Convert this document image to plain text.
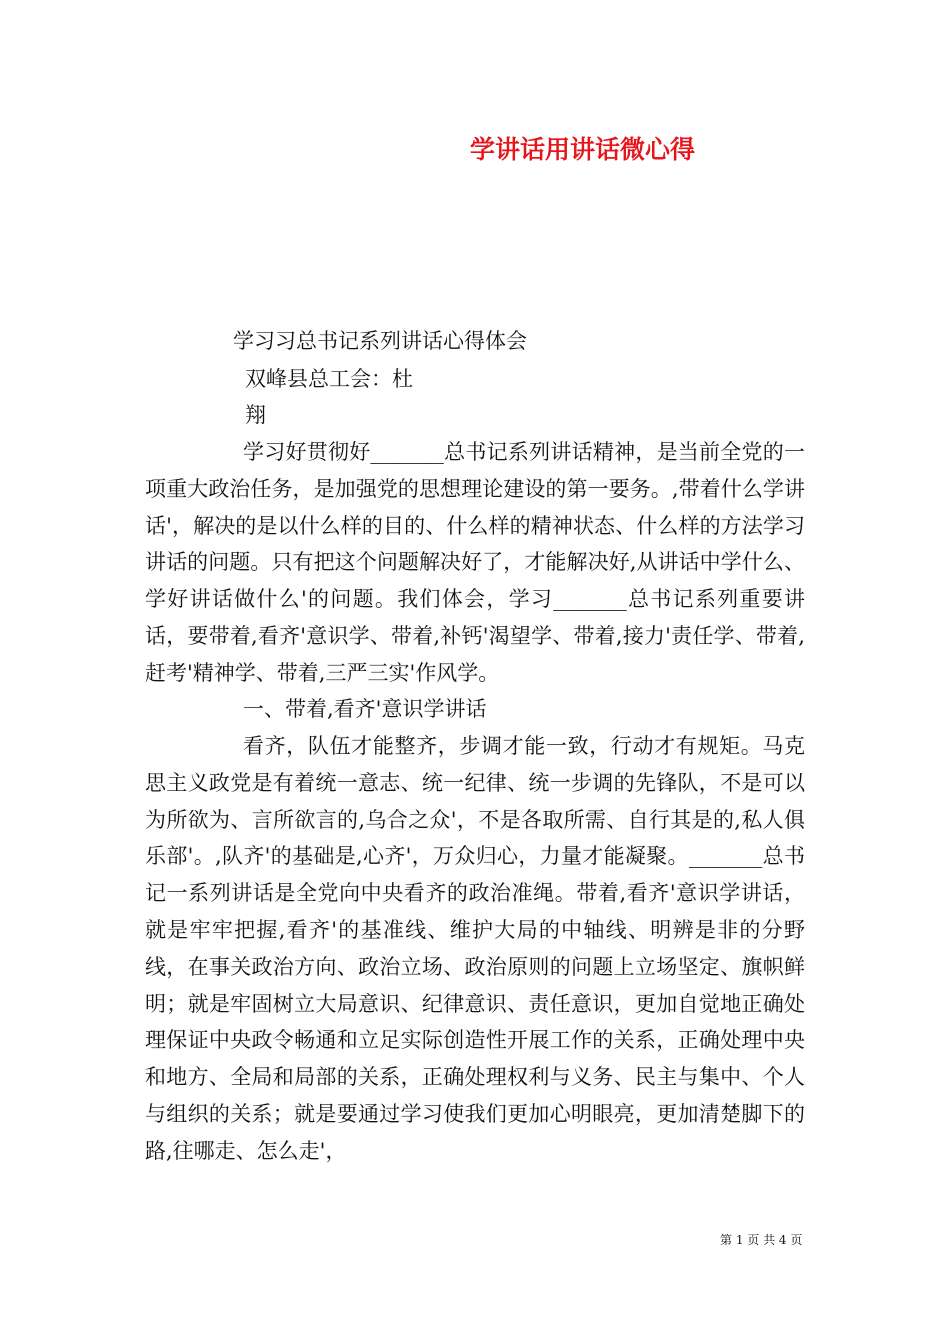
学讲话用讲话微心得
学习习总书记系列讲话心得体会
双峰县总工会：杜
翔
学习好贯彻好_______总书记系列讲话精神，是当前全党的一项重大政治任务，是加强党的思想理论建设的第一要务。,带着什么学讲话'，解决的是以什么样的目的、什么样的精神状态、什么样的方法学习讲话的问题。只有把这个问题解决好了，才能解决好,从讲话中学什么、学好讲话做什么'的问题。我们体会，学习_______总书记系列重要讲话，要带着,看齐'意识学、带着,补钙'渴望学、带着,接力'责任学、带着,赶考'精神学、带着,三严三实'作风学。
一、带着,看齐'意识学讲话
看齐，队伍才能整齐，步调才能一致，行动才有规矩。马克思主义政党是有着统一意志、统一纪律、统一步调的先锋队，不是可以为所欲为、言所欲言的,乌合之众'，不是各取所需、自行其是的,私人俱乐部'。,队齐'的基础是,心齐'，万众归心，力量才能凝聚。_______总书记一系列讲话是全党向中央看齐的政治准绳。带着,看齐'意识学讲话，就是牢牢把握,看齐'的基准线、维护大局的中轴线、明辨是非的分野线，在事关政治方向、政治立场、政治原则的问题上立场坚定、旗帜鲜明；就是牢固树立大局意识、纪律意识、责任意识，更加自觉地正确处理保证中央政令畅通和立足实际创造性开展工作的关系，正确处理中央和地方、全局和局部的关系，正确处理权利与义务、民主与集中、个人与组织的关系；就是要通过学习使我们更加心明眼亮，更加清楚脚下的路,往哪走、怎么走'，
第 1 页 共 4 页
